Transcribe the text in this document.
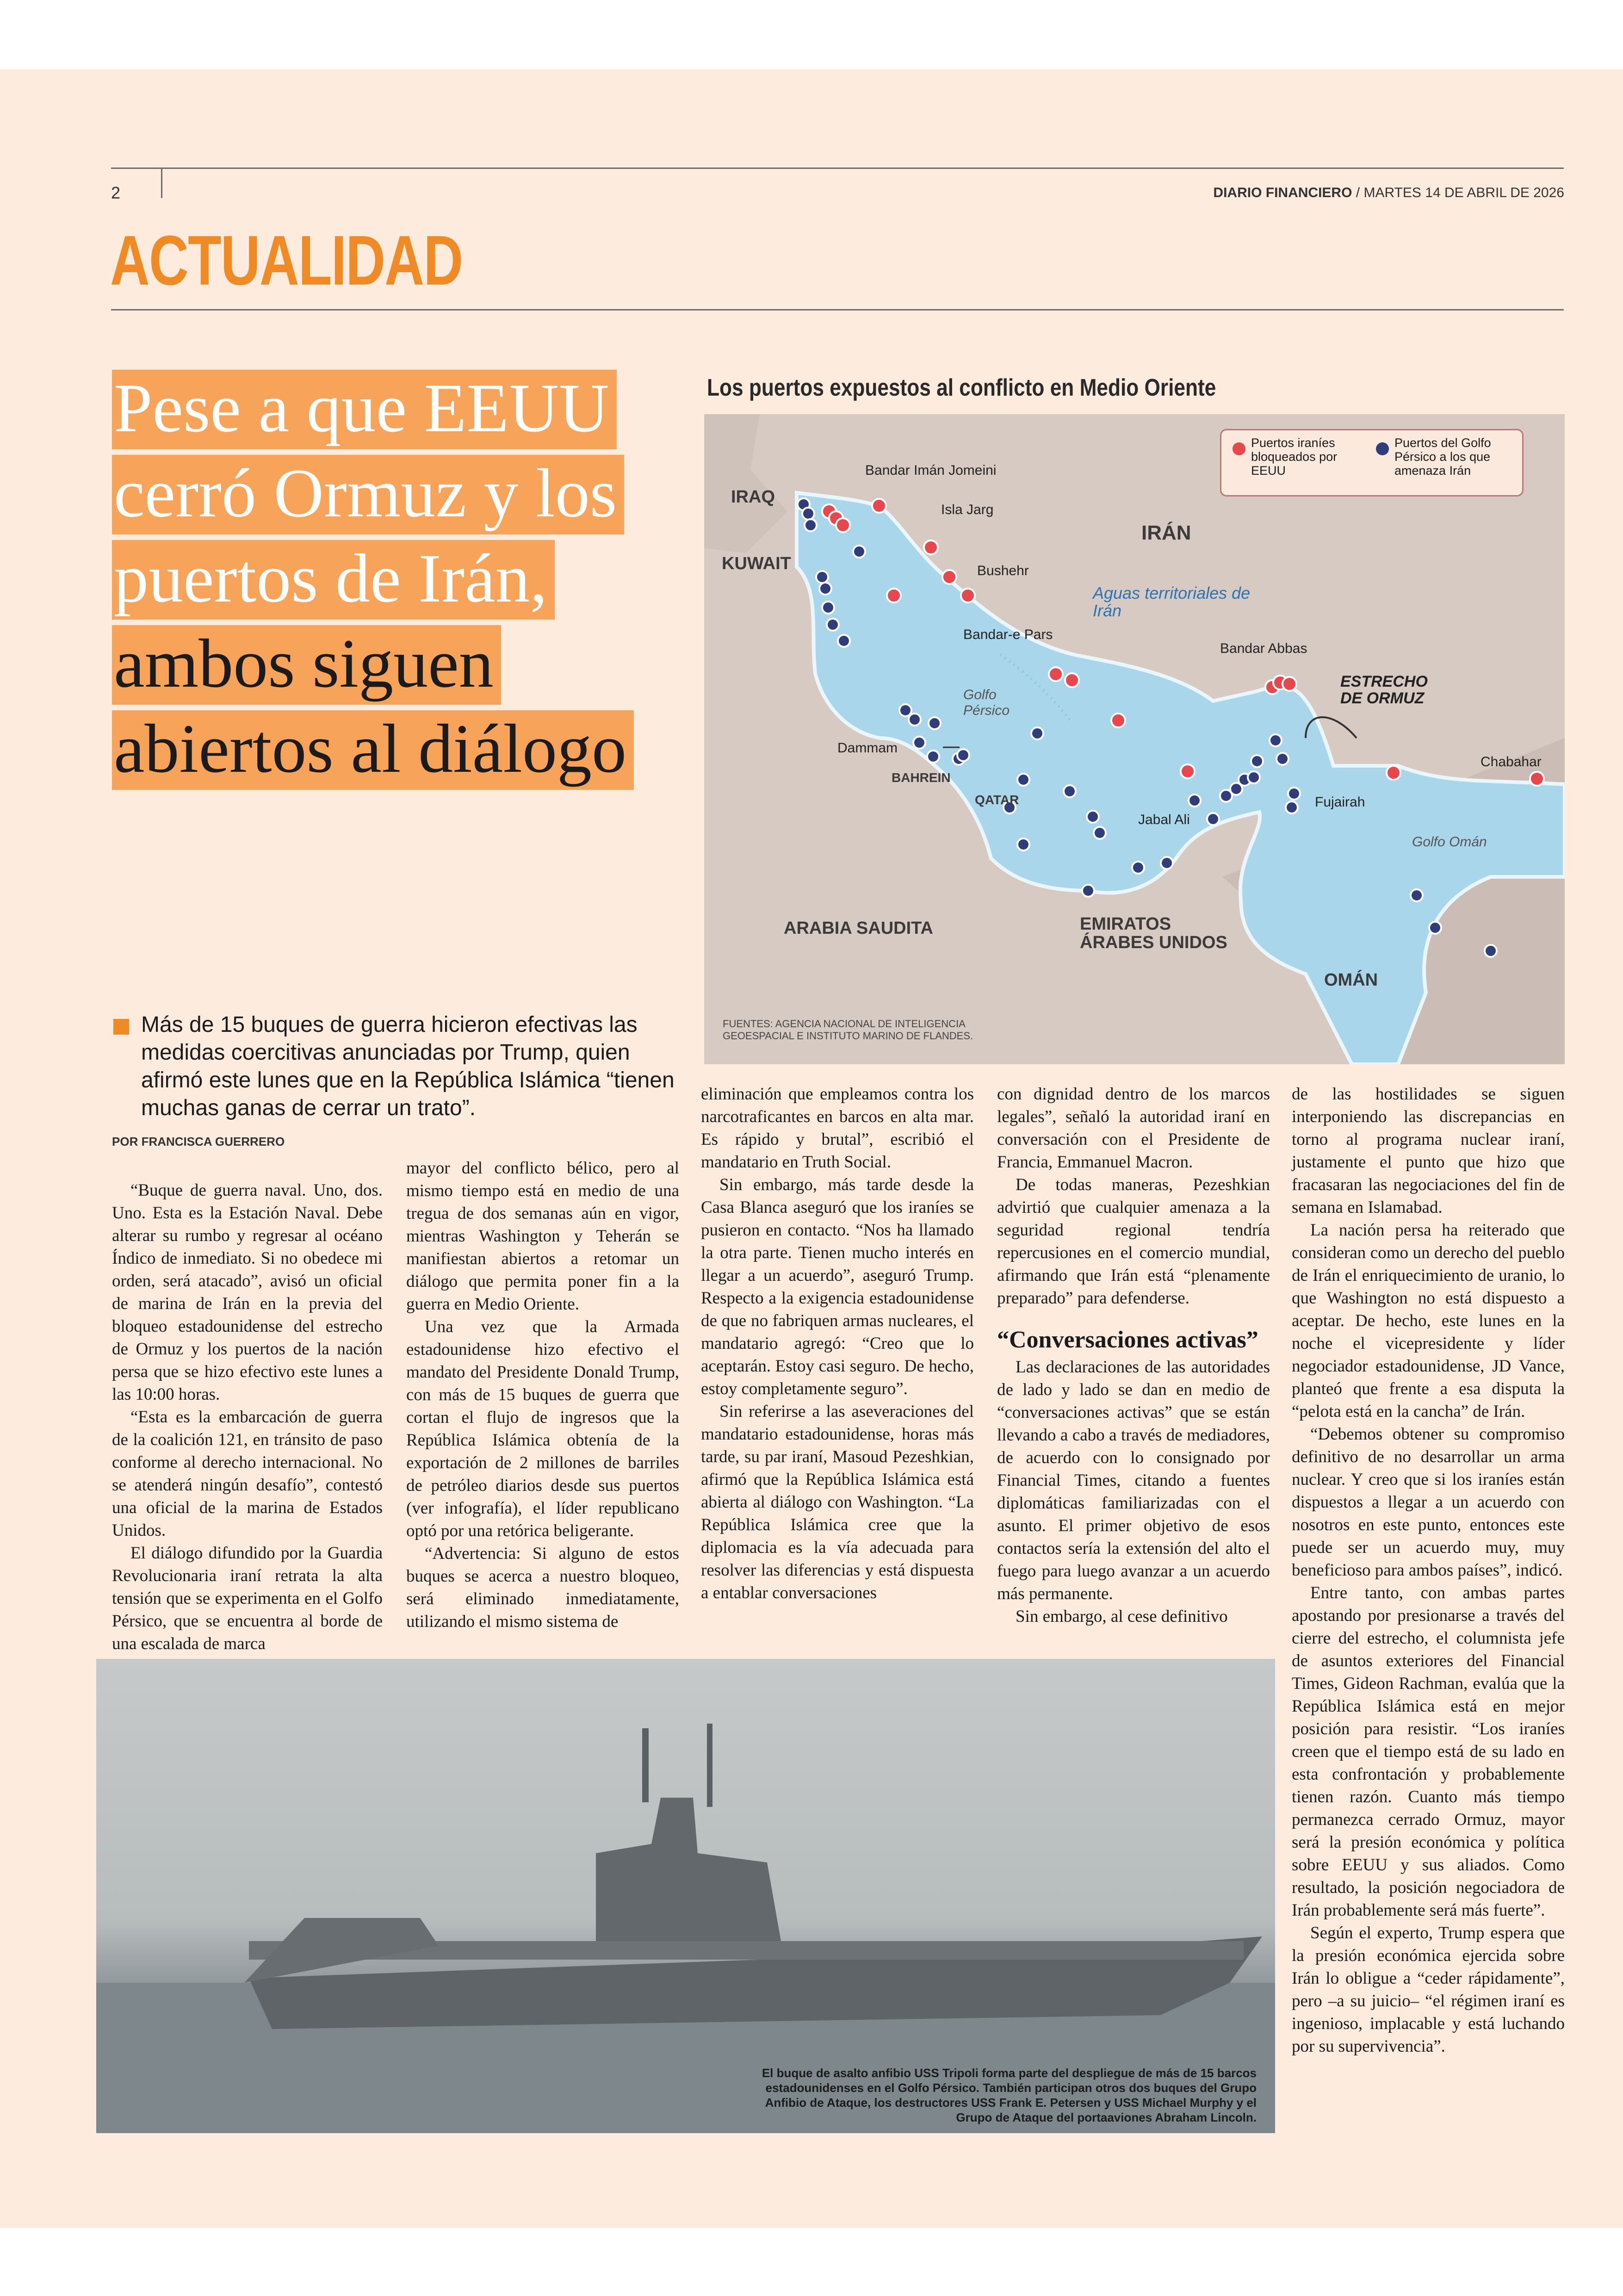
2	DIARIO FINANCIERO / MARTES 14 DE ABRIL DE 2026
ACTUALIDAD
Pese a que EEUU cerró Ormuz y los puertos de Irán, ambos siguen abiertos al diálogo
Más de 15 buques de guerra hicieron efectivas las medidas coercitivas anunciadas por Trump, quien afirmó este lunes que en la República Islámica “tienen muchas ganas de cerrar un trato”.
POR FRANCISCA GUERRERO
Los puertos expuestos al conflicto en Medio Oriente
Puertos iraníes bloqueados por EEUU
Puertos del Golfo Pérsico a los que amenaza Irán
IRAQ
KUWAIT
IRÁN
Bandar Imán Jomeini
Isla Jarg
Bushehr
Aguas territoriales de Irán
Bandar-e Pars
Bandar Abbas
ESTRECHO DE ORMUZ
Golfo Pérsico
Dammam
BAHREIN
QATAR
Jabal Ali
Fujairah
Chabahar
Golfo Omán
ARABIA SAUDITA	EMIRATOS ÁRABES UNIDOS
OMÁN
FUENTES: AGENCIA NACIONAL DE INTELIGENCIA GEOESPACIAL E INSTITUTO MARINO DE FLANDES.

“Buque de guerra naval. Uno, dos. Uno. Esta es la Estación Naval. Debe alterar su rumbo y regresar al océano Índico de inmediato. Si no obedece mi orden, será atacado”, avisó un oficial de marina de Irán en la previa del bloqueo estadounidense del estrecho de Ormuz y los puertos de la nación persa que se hizo efectivo este lunes a las 10:00 horas.

“Esta es la embarcación de guerra de la coalición 121, en tránsito de paso conforme al derecho internacional. No se atenderá ningún desafío”, contestó una oficial de la marina de Estados Unidos.

El diálogo difundido por la Guardia Revolucionaria iraní retrata la alta tensión que se experimenta en el Golfo Pérsico, que se encuentra al borde de una escalada de marca

mayor del conflicto bélico, pero al mismo tiempo está en medio de una tregua de dos semanas aún en vigor, mientras Washington y Teherán se manifiestan abiertos a retomar un diálogo que permita poner fin a la guerra en Medio Oriente.

Una vez que la Armada estadounidense hizo efectivo el mandato del Presidente Donald Trump, con más de 15 buques de guerra que cortan el flujo de ingresos que la República Islámica obtenía de la exportación de 2 millones de barriles de petróleo diarios desde sus puertos (ver infografía), el líder republicano optó por una retórica beligerante.

“Advertencia: Si alguno de estos buques se acerca a nuestro bloqueo, será eliminado inmediatamente, utilizando el mismo sistema de

eliminación que empleamos contra los narcotraficantes en barcos en alta mar. Es rápido y brutal”, escribió el mandatario en Truth Social.

Sin embargo, más tarde desde la Casa Blanca aseguró que los iraníes se pusieron en contacto. “Nos ha llamado la otra parte. Tienen mucho interés en llegar a un acuerdo”, aseguró Trump. Respecto a la exigencia estadounidense de que no fabriquen armas nucleares, el mandatario agregó: “Creo que lo aceptarán. Estoy casi seguro. De hecho, estoy completamente seguro”.

Sin referirse a las aseveraciones del mandatario estadounidense, horas más tarde, su par iraní, Masoud Pezeshkian, afirmó que la República Islámica está abierta al diálogo con Washington. “La República Islámica cree que la diplomacia es la vía adecuada para resolver las diferencias y está dispuesta a entablar conversaciones

con dignidad dentro de los marcos legales”, señaló la autoridad iraní en conversación con el Presidente de Francia, Emmanuel Macron.

De todas maneras, Pezeshkian advirtió que cualquier amenaza a la seguridad regional tendría repercusiones en el comercio mundial, afirmando que Irán está “plenamente preparado” para defenderse.

“Conversaciones activas”

Las declaraciones de las autoridades de lado y lado se dan en medio de “conversaciones activas” que se están llevando a cabo a través de mediadores, de acuerdo con lo consignado por Financial Times, citando a fuentes diplomáticas familiarizadas con el asunto. El primer objetivo de esos contactos sería la extensión del alto el fuego para luego avanzar a un acuerdo más permanente.

Sin embargo, al cese definitivo

de las hostilidades se siguen interponiendo las discrepancias en torno al programa nuclear iraní, justamente el punto que hizo que fracasaran las negociaciones del fin de semana en Islamabad.

La nación persa ha reiterado que consideran como un derecho del pueblo de Irán el enriquecimiento de uranio, lo que Washington no está dispuesto a aceptar. De hecho, este lunes en la noche el vicepresidente y líder negociador estadounidense, JD Vance, planteó que frente a esa disputa la “pelota está en la cancha” de Irán.

“Debemos obtener su compromiso definitivo de no desarrollar un arma nuclear. Y creo que si los iraníes están dispuestos a llegar a un acuerdo con nosotros en este punto, entonces este puede ser un acuerdo muy, muy beneficioso para ambos países”, indicó.

Entre tanto, con ambas partes apostando por presionarse a través del cierre del estrecho, el columnista jefe de asuntos exteriores del Financial Times, Gideon Rachman, evalúa que la República Islámica está en mejor posición para resistir. “Los iraníes creen que el tiempo está de su lado en esta confrontación y probablemente tienen razón. Cuanto más tiempo permanezca cerrado Ormuz, mayor será la presión económica y política sobre EEUU y sus aliados. Como resultado, la posición negociadora de Irán probablemente será más fuerte”.

Según el experto, Trump espera que la presión económica ejercida sobre Irán lo obligue a “ceder rápidamente”, pero –a su juicio– “el régimen iraní es ingenioso, implacable y está luchando por su supervivencia”.

El buque de asalto anfibio USS Tripoli forma parte del despliegue de más de 15 barcos estadounidenses en el Golfo Pérsico. También participan otros dos buques del Grupo Anfibio de Ataque, los destructores USS Frank E. Petersen y USS Michael Murphy y el Grupo de Ataque del portaaviones Abraham Lincoln.
